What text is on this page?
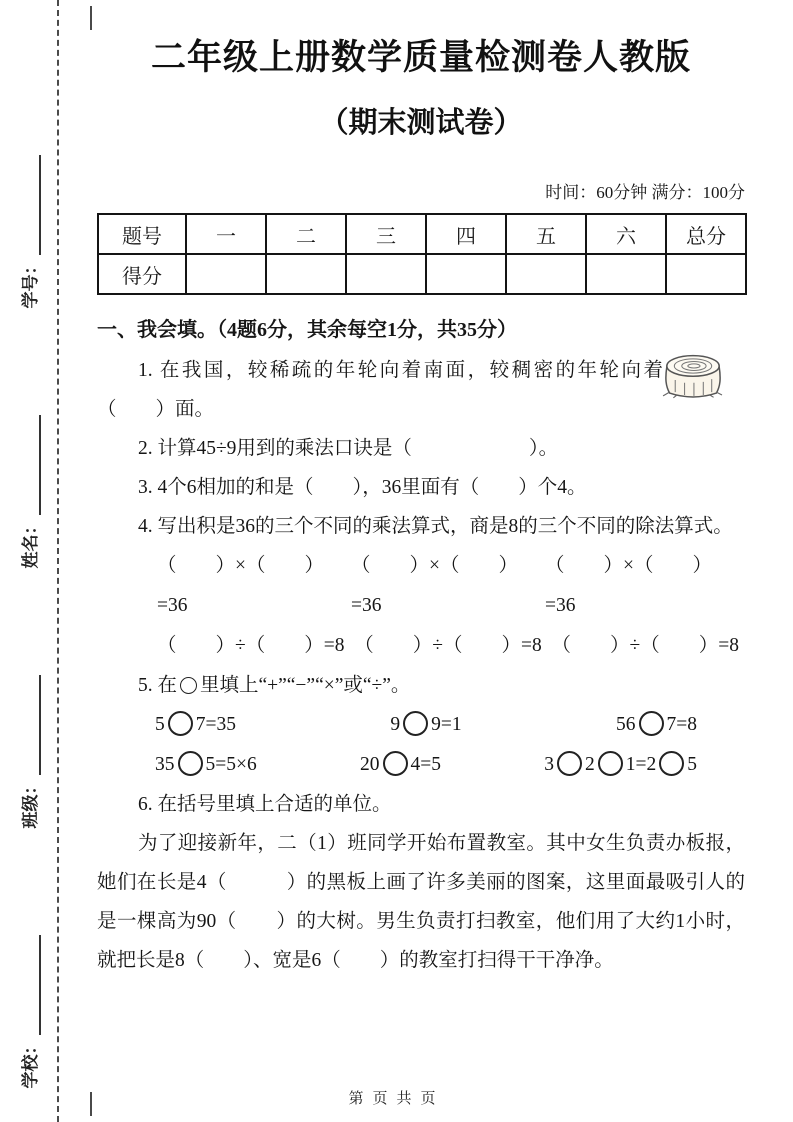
学号：
姓名：
班级：
学校：
二年级上册数学质量检测卷人教版
（期末测试卷）
时间：60分钟 满分：100分
题号	一	二	三	四	五	六	总分
得分							
一、我会填。（4题6分，其余每空1分，共35分）
1. 在我国，较稀疏的年轮向着南面，较稠密的年轮向着（　　）面。
2. 计算45÷9用到的乘法口诀是（　　　　　　）。
3. 4个6相加的和是（　　），36里面有（　　）个4。
4. 写出积是36的三个不同的乘法算式，商是8的三个不同的除法算式。
（　　）×（　　）=36
（　　）×（　　）=36
（　　）×（　　）=36
（　　）÷（　　）=8 （　　）÷（　　）=8 （　　）÷（　　）=8
5. 在 里填上“+”“−”“×”或“÷”。
5 7=35	9 9=1	56 7=8
35 5=5×6	20 4=5	3 2 1=2 5
6. 在括号里填上合适的单位。
为了迎接新年，二（1）班同学开始布置教室。其中女生负责办板报，她们在长是4（　　　）的黑板上画了许多美丽的图案，这里面最吸引人的是一棵高为90（　　）的大树。男生负责打扫教室，他们用了大约1小时，就把长是8（　　）、宽是6（　　）的教室打扫得干干净净。
第页共页
